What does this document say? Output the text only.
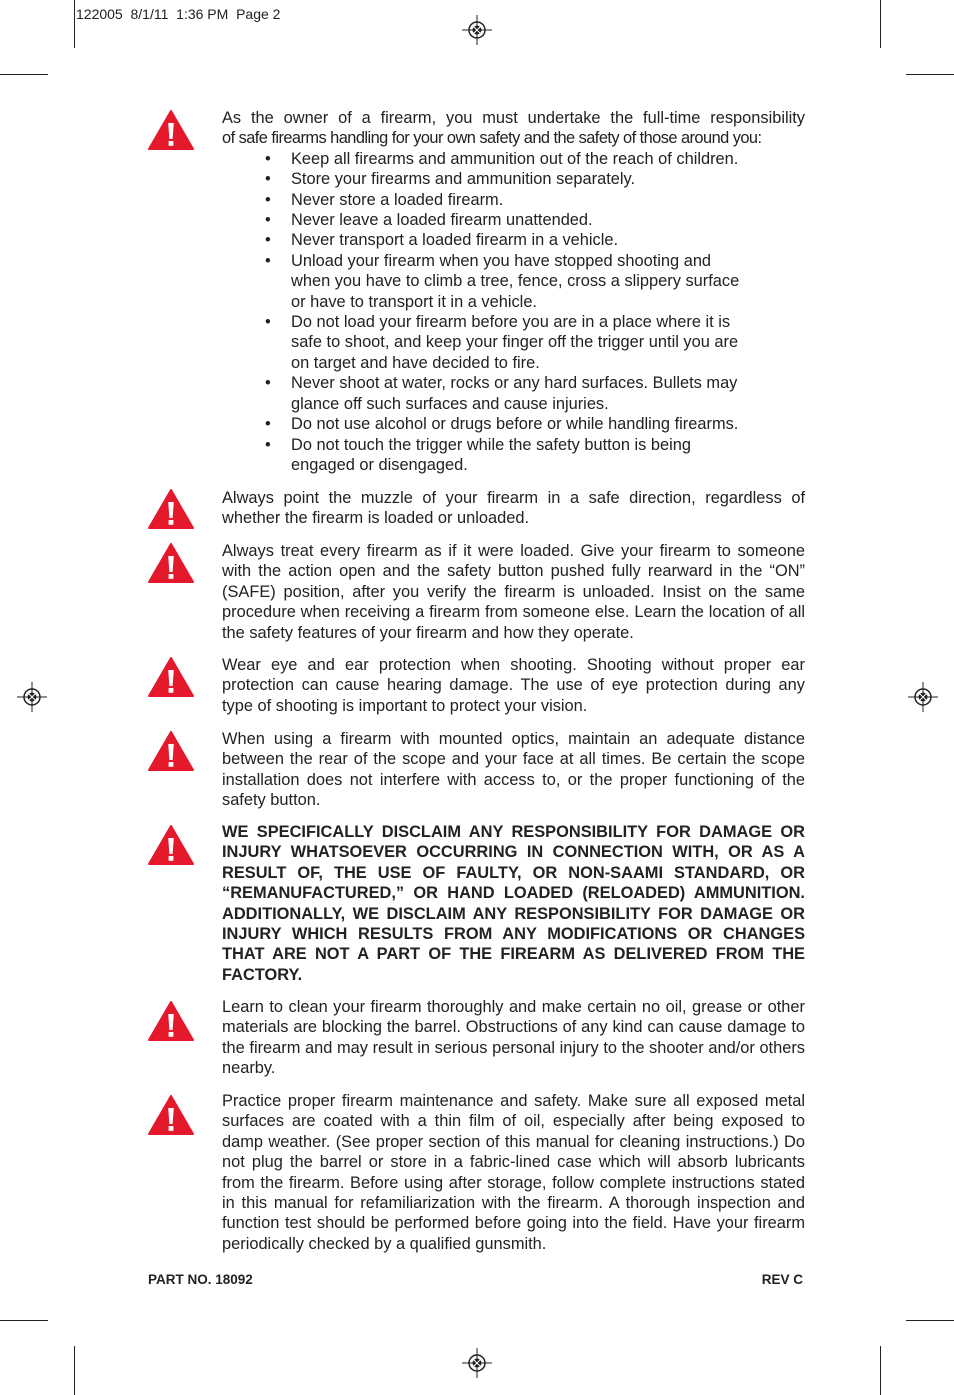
122005  8/1/11  1:36 PM  Page 2
As the owner of a firearm, you must undertake the full-time responsibility
of safe firearms handling for your own safety and the safety of those around you:
• Keep all firearms and ammunition out of the reach of children.
• Store your firearms and ammunition separately.
• Never store a loaded firearm.
• Never leave a loaded firearm unattended.
• Never transport a loaded firearm in a vehicle.
• Unload your firearm when you have stopped shooting and when you have to climb a tree, fence, cross a slippery surface or have to transport it in a vehicle.
• Do not load your firearm before you are in a place where it is safe to shoot, and keep your finger off the trigger until you are on target and have decided to fire.
• Never shoot at water, rocks or any hard surfaces. Bullets may glance off such surfaces and cause injuries.
• Do not use alcohol or drugs before or while handling firearms.
• Do not touch the trigger while the safety button is being engaged or disengaged.
Always point the muzzle of your firearm in a safe direction, regardless of whether the firearm is loaded or unloaded.
Always treat every firearm as if it were loaded. Give your firearm to someone with the action open and the safety button pushed fully rearward in the “ON” (SAFE) position, after you verify the firearm is unloaded. Insist on the same procedure when receiving a firearm from someone else. Learn the location of all the safety features of your firearm and how they operate.
Wear eye and ear protection when shooting. Shooting without proper ear protection can cause hearing damage. The use of eye protection during any type of shooting is important to protect your vision.
When using a firearm with mounted optics, maintain an adequate distance between the rear of the scope and your face at all times. Be certain the scope installation does not interfere with access to, or the proper functioning of the safety button.
WE SPECIFICALLY DISCLAIM ANY RESPONSIBILITY FOR DAMAGE OR INJURY WHATSOEVER OCCURRING IN CONNECTION WITH, OR AS A RESULT OF, THE USE OF FAULTY, OR NON-SAAMI STANDARD, OR “REMANUFACTURED,” OR HAND LOADED (RELOADED) AMMUNITION. ADDITIONALLY, WE DISCLAIM ANY RESPONSIBILITY FOR DAMAGE OR INJURY WHICH RESULTS FROM ANY MODIFICATIONS OR CHANGES THAT ARE NOT A PART OF THE FIREARM AS DELIVERED FROM THE FACTORY.
Learn to clean your firearm thoroughly and make certain no oil, grease or other materials are blocking the barrel. Obstructions of any kind can cause damage to the firearm and may result in serious personal injury to the shooter and/or others nearby.
Practice proper firearm maintenance and safety. Make sure all exposed metal surfaces are coated with a thin film of oil, especially after being exposed to damp weather. (See proper section of this manual for cleaning instructions.) Do not plug the barrel or store in a fabric-lined case which will absorb lubricants from the firearm. Before using after storage, follow complete instructions stated in this manual for refamiliarization with the firearm. A thorough inspection and function test should be performed before going into the field. Have your firearm periodically checked by a qualified gunsmith.
PART NO. 18092	REV C
